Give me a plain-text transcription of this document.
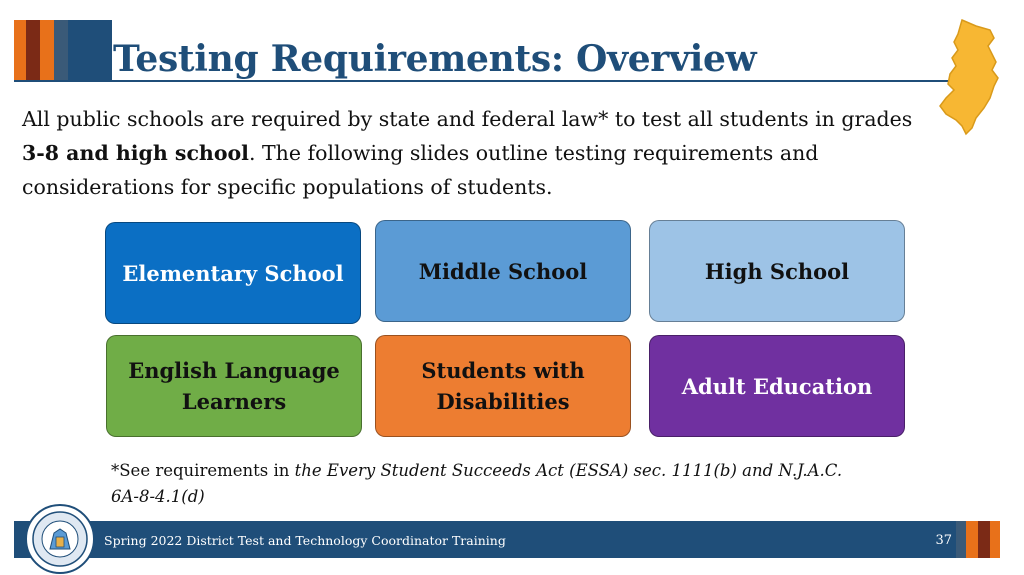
Testing Requirements: Overview

All public schools are required by state and federal law* to test all students in grades 3-8 and high school. The following slides outline testing requirements and considerations for specific populations of students.

Elementary School	Middle School	High School
English Language Learners
Students with Disabilities
Adult Education

*See requirements in the Every Student Succeeds Act (ESSA) sec. 1111(b) and N.J.A.C. 6A-8-4.1(d)

Spring 2022 District Test and Technology Coordinator Training	37
